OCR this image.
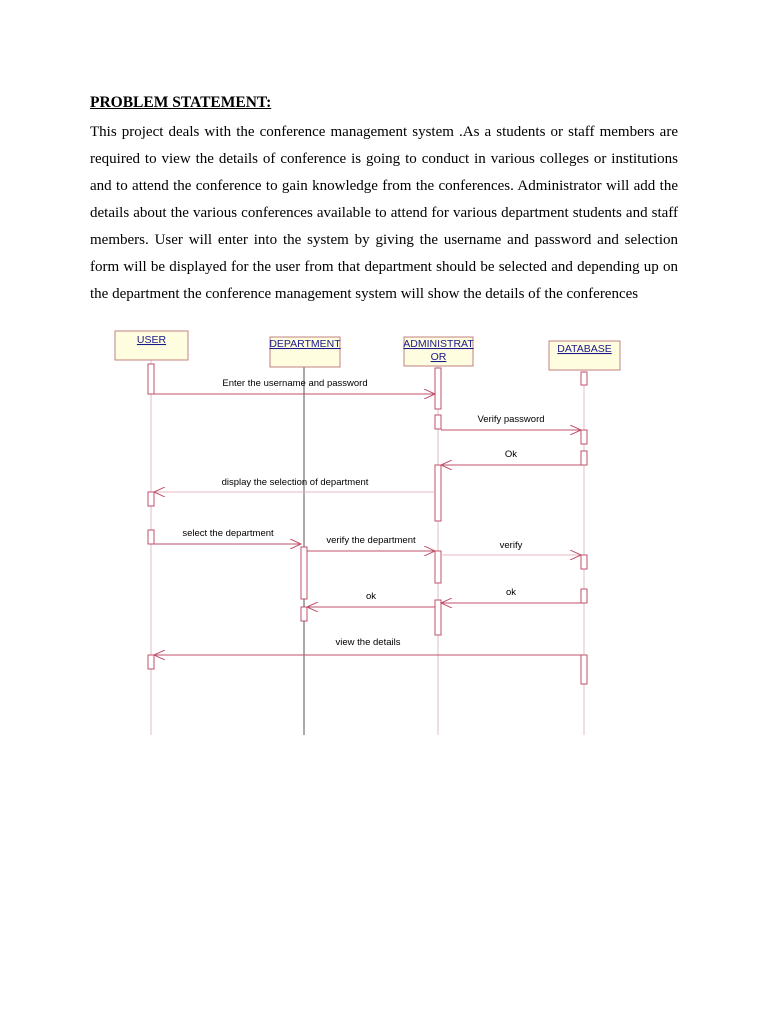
PROBLEM STATEMENT:
This project deals with the conference management system .As a students or staff members are
required to view the details of conference is going to conduct in various colleges or institutions
and to attend the conference to gain knowledge from the conferences. Administrator will add the
details about the various conferences available to attend for various department students and staff
members. User will enter into the system by giving the username and password and selection
form will be displayed for the user from that department should be selected and depending up on
the department the conference management system will show the details of the conferences
USER	DEPARTMENT	ADMINISTRAT
OR
DATABASE
Enter the username and password
Verify password
Ok
display the selection of department
select the department
verify the department	verify
ok
ok
view the details
